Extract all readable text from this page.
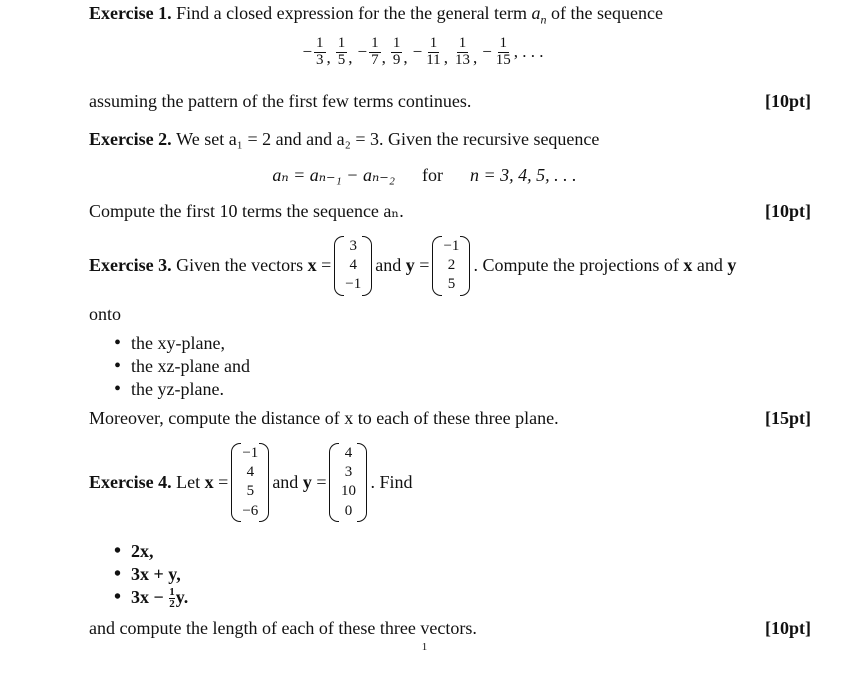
Exercise 1. Find a closed expression for the the general term $a_n$ of the sequence
− $\frac{1}{3}$ , $\frac{1}{5}$ , − $\frac{1}{7}$ , $\frac{1}{9}$ , − $\frac{1}{11}$ , $\frac{1}{13}$ , − $\frac{1}{15}$ , . . .
assuming the pattern of the first few terms continues.	[10pt]
Exercise 2. We set a₁ = 2 and and a₂ = 3. Given the recursive sequence
aₙ = aₙ₋₁ − aₙ₋₂ for n = 3, 4, 5, . . .
Compute the first 10 terms the sequence aₙ.	[10pt]
Exercise 3.
Given the vectors
x =
3
4
−1
and
y =
−1
2
5
. Compute the projections of
x
and
y
onto
• the xy-plane,
• the xz-plane and
• the yz-plane.
Moreover, compute the distance of x to each of these three plane.	[15pt]
Exercise 4.
Let
x =
−1
4
5
−6
and
y =
4
3
10
0
. Find
• 2x,
• 3x + y,
• $3x - \frac{1}{2} y$.
and compute the length of each of these three vectors.	[10pt]
1
